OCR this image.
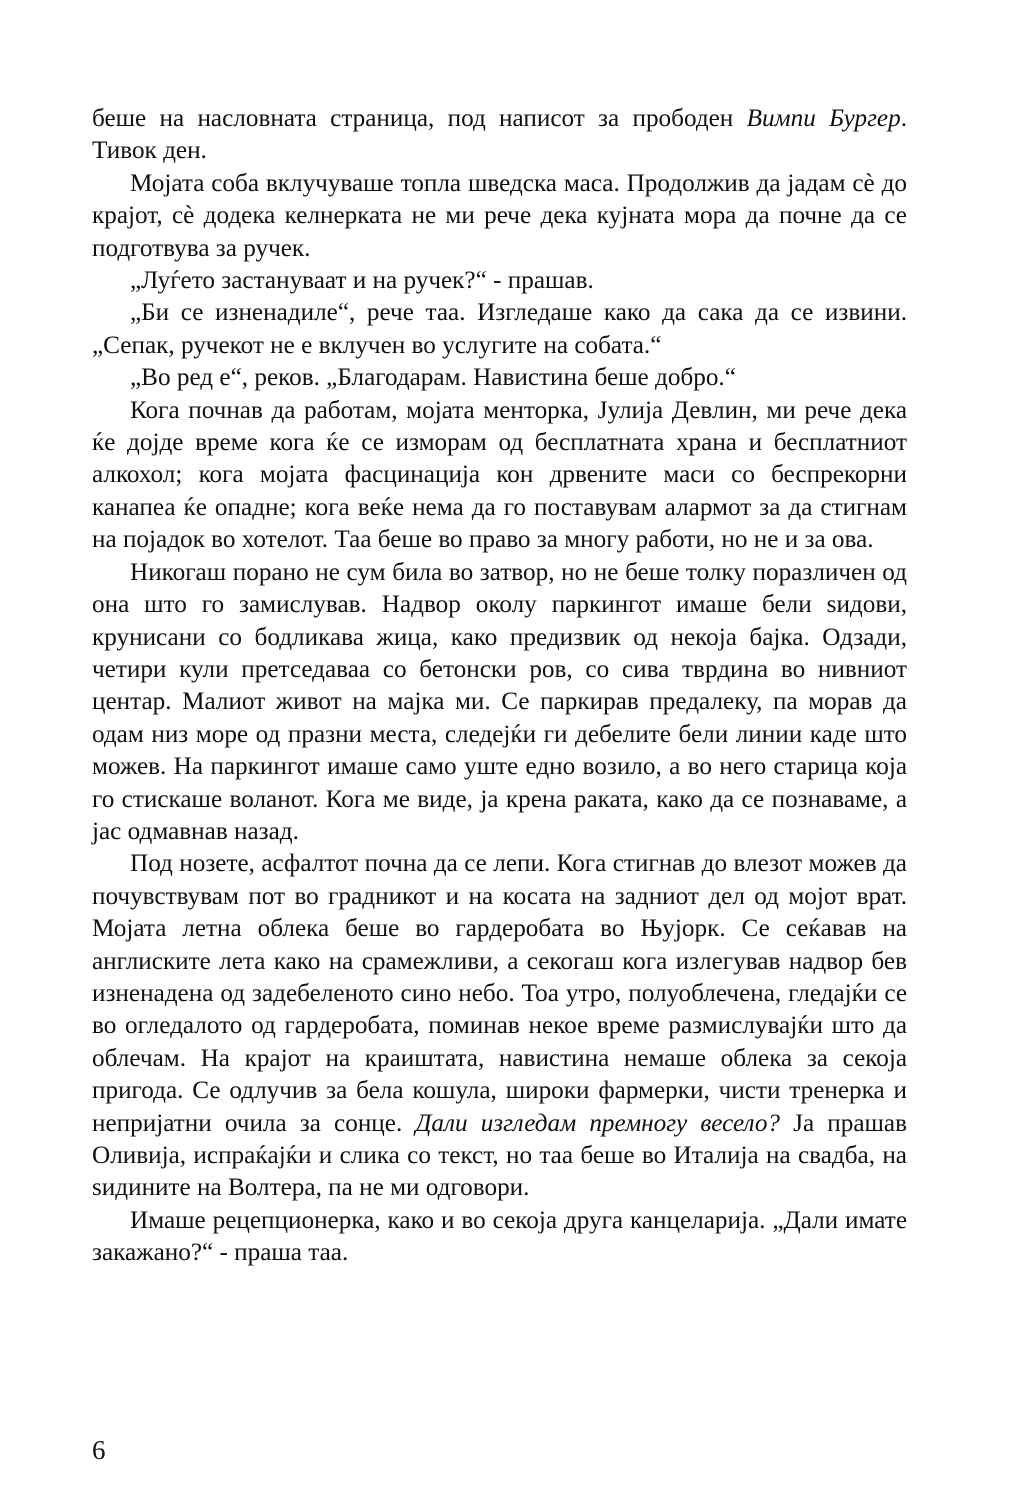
беше на насловната страница, под написот за прободен Вимпи Бургер. Тивок ден.

Мојата соба вклучуваше топла шведска маса. Продолжив да јадам сѐ до крајот, сѐ додека келнерката не ми рече дека кујната мора да почне да се подготвува за ручек.

„Луѓето застануваат и на ручек?“ - прашав.

„Би се изненадиле“, рече таа. Изгледаше како да сака да се извини. „Сепак, ручекот не е вклучен во услугите на собата.“

„Во ред е“, реков. „Благодарам. Навистина беше добро.“

Кога почнав да работам, мојата менторка, Јулија Девлин, ми рече дека ќе дојде време кога ќе се изморам од бесплатната храна и бесплатниот алкохол; кога мојата фасцинација кон дрвените маси со беспрекорни канапеа ќе опадне; кога веќе нема да го поставувам алармот за да стигнам на појадок во хотелот. Таа беше во право за многу работи, но не и за ова.

Никогаш порано не сум била во затвор, но не беше толку поразличен од она што го замислував. Надвор околу паркингот имаше бели ѕидови, крунисани со бодликава жица, како предизвик од некоја бајка. Одзади, четири кули претседаваа со бетонски ров, со сива тврдина во нивниот центар. Малиот живот на мајка ми. Се паркирав предалеку, па морав да одам низ море од празни места, следејќи ги дебелите бели линии каде што можев. На паркингот имаше само уште едно возило, а во него старица која го стискаше воланот. Кога ме виде, ја крена раката, како да се познаваме, а јас одмавнав назад.

Под нозете, асфалтот почна да се лепи. Кога стигнав до влезот можев да почувствувам пот во градникот и на косата на задниот дел од мојот врат. Мојата летна облека беше во гардеробата во Њујорк. Се сеќавав на англиските лета како на срамежливи, а секогаш кога излегував надвор бев изненадена од задебеленото сино небо. Тоа утро, полуоблечена, гледајќи се во огледалото од гардеробата, поминав некое време размислувајќи што да облечам. На крајот на краиштата, навистина немаше облека за секоја пригода. Се одлучив за бела кошула, широки фармерки, чисти тренерка и непријатни очила за сонце. Дали изгледам премногу весело? Ја прашав Оливија, испраќајќи и слика со текст, но таа беше во Италија на свадба, на ѕидините на Волтера, па не ми одговори.

Имаше рецепционерка, како и во секоја друга канцеларија. „Дали имате закажано?“ - праша таа.

6
